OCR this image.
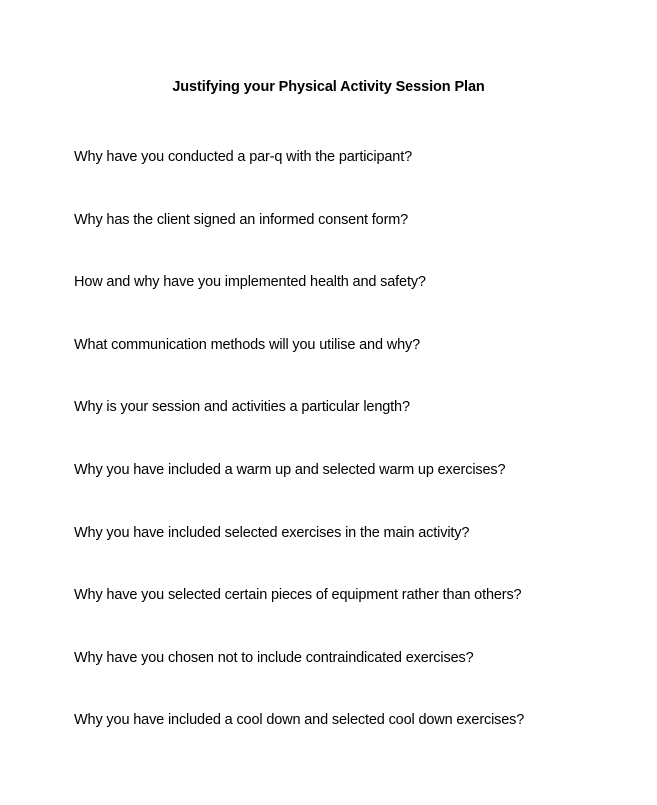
Justifying your Physical Activity Session Plan
Why have you conducted a par-q with the participant?
Why has the client signed an informed consent form?
How and why have you implemented health and safety?
What communication methods will you utilise and why?
Why is your session and activities a particular length?
Why you have included a warm up and selected warm up exercises?
Why you have included selected exercises in the main activity?
Why have you selected certain pieces of equipment rather than others?
Why have you chosen not to include contraindicated exercises?
Why you have included a cool down and selected cool down exercises?
